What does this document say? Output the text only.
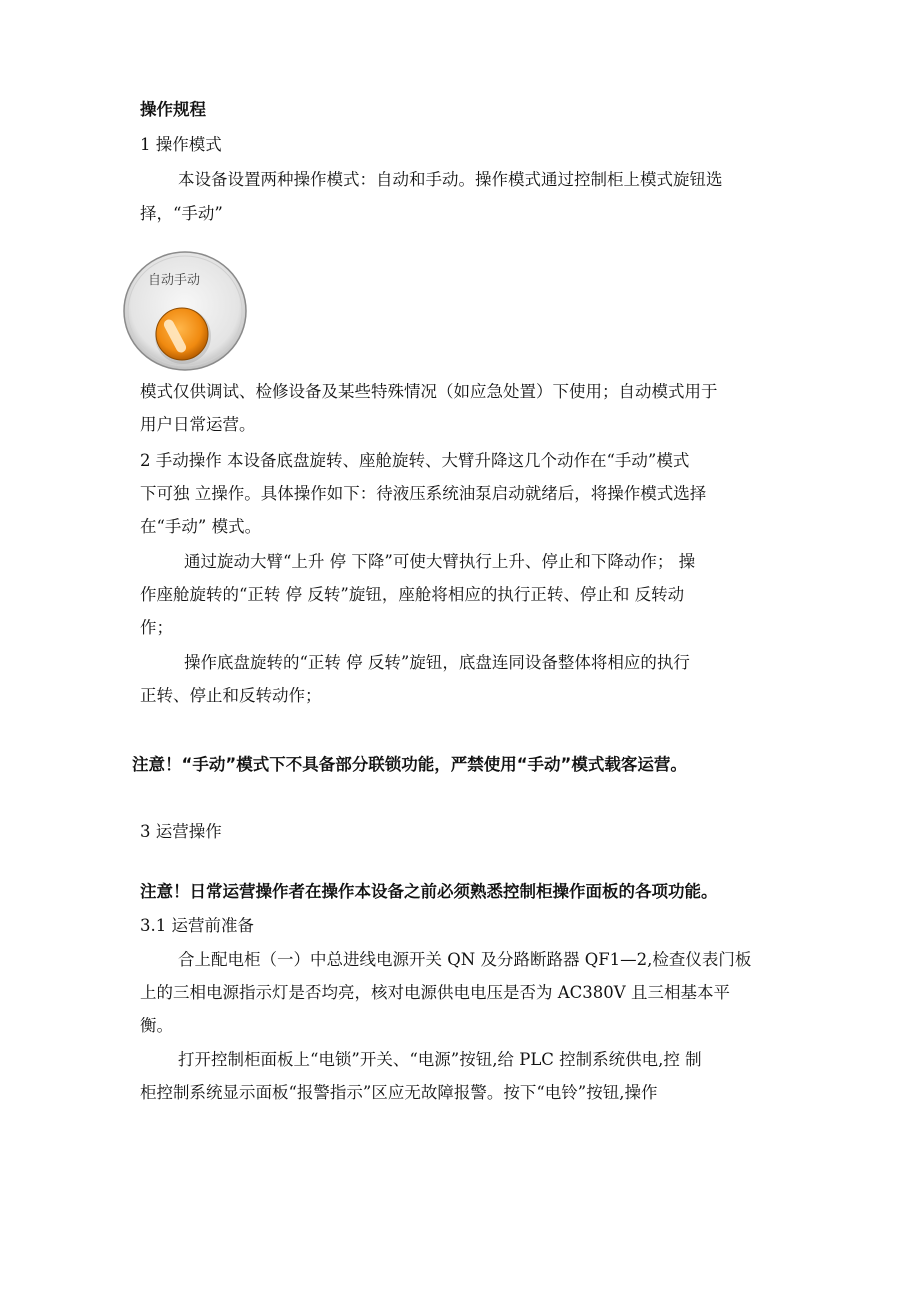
操作规程
1 操作模式
本设备设置两种操作模式：自动和手动。操作模式通过控制柜上模式旋钮选
择，“手动”
自动手动
模式仅供调试、检修设备及某些特殊情况（如应急处置）下使用；自动模式用于
用户日常运营。
2 手动操作 本设备底盘旋转、座舱旋转、大臂升降这几个动作在“手动”模式
下可独 立操作。具体操作如下：待液压系统油泵启动就绪后，将操作模式选择
在“手动” 模式。
通过旋动大臂“上升 停 下降”可使大臂执行上升、停止和下降动作； 操
作座舱旋转的“正转 停 反转”旋钮，座舱将相应的执行正转、停止和 反转动
作；
操作底盘旋转的“正转 停 反转”旋钮，底盘连同设备整体将相应的执行
正转、停止和反转动作；
注意！“手动”模式下不具备部分联锁功能，严禁使用“手动”模式载客运营。
3 运营操作
注意！日常运营操作者在操作本设备之前必须熟悉控制柜操作面板的各项功能。
3.1 运营前准备
合上配电柜（一）中总进线电源开关 QN 及分路断路器 QF1—2,检查仪表门板
上的三相电源指示灯是否均亮，核对电源供电电压是否为 AC380V 且三相基本平
衡。
打开控制柜面板上“电锁”开关、“电源”按钮,给 PLC 控制系统供电,控 制
柜控制系统显示面板“报警指示”区应无故障报警。按下“电铃”按钮,操作
